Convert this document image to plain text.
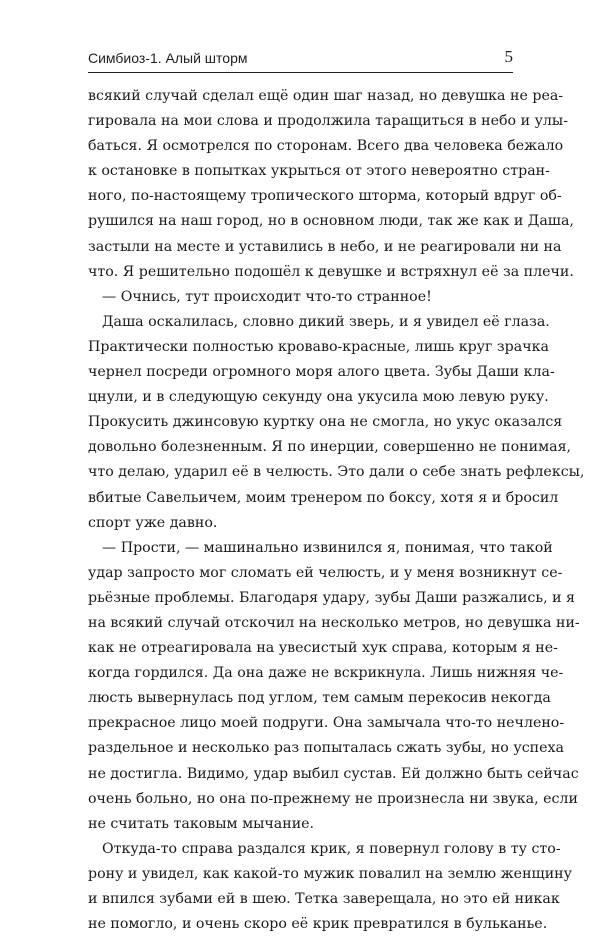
Симбиоз-1. Алый шторм	5
всякий случай сделал ещё один шаг назад, но девушка не реа-
гировала на мои слова и продолжила таращиться в небо и улы-
баться. Я осмотрелся по сторонам. Всего два человека бежало
к остановке в попытках укрыться от этого невероятно стран-
ного, по-настоящему тропического шторма, который вдруг об-
рушился на наш город, но в основном люди, так же как и Даша,
застыли на месте и уставились в небо, и не реагировали ни на
что. Я решительно подошёл к девушке и встряхнул её за плечи.
— Очнись, тут происходит что-то странное!
Даша оскалилась, словно дикий зверь, и я увидел её глаза.
Практически полностью кроваво-красные, лишь круг зрачка
чернел посреди огромного моря алого цвета. Зубы Даши кла-
цнули, и в следующую секунду она укусила мою левую руку.
Прокусить джинсовую куртку она не смогла, но укус оказался
довольно болезненным. Я по инерции, совершенно не понимая,
что делаю, ударил её в челюсть. Это дали о себе знать рефлексы,
вбитые Савельичем, моим тренером по боксу, хотя я и бросил
спорт уже давно.
— Прости, — машинально извинился я, понимая, что такой
удар запросто мог сломать ей челюсть, и у меня возникнут се-
рьёзные проблемы. Благодаря удару, зубы Даши разжались, и я
на всякий случай отскочил на несколько метров, но девушка ни-
как не отреагировала на увесистый хук справа, которым я не-
когда гордился. Да она даже не вскрикнула. Лишь нижняя че-
люсть вывернулась под углом, тем самым перекосив некогда
прекрасное лицо моей подруги. Она замычала что-то нечлено-
раздельное и несколько раз попыталась сжать зубы, но успеха
не достигла. Видимо, удар выбил сустав. Ей должно быть сейчас
очень больно, но она по-прежнему не произнесла ни звука, если
не считать таковым мычание.
Откуда-то справа раздался крик, я повернул голову в ту сто-
рону и увидел, как какой-то мужик повалил на землю женщину
и впился зубами ей в шею. Тетка заверещала, но это ей никак
не помогло, и очень скоро её крик превратился в бульканье.
